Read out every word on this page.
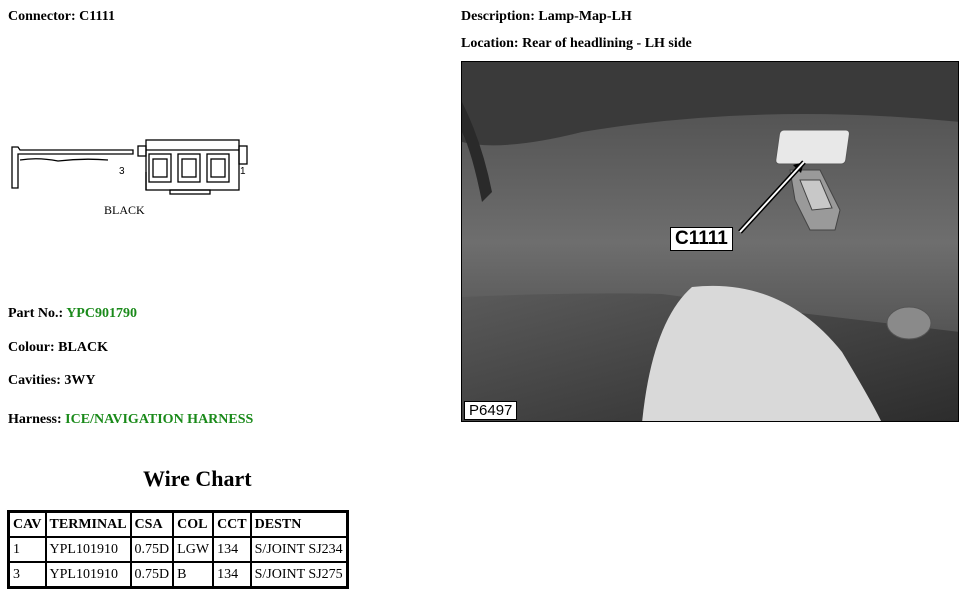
Connector: C1111	Description: Lamp-Map-LH
Location: Rear of headlining - LH side
3	1
BLACK
Part No.: YPC901790
Colour: BLACK
Cavities: 3WY
Harness: ICE/NAVIGATION HARNESS
Wire Chart
CAV	TERMINAL	CSA	COL	CCT	DESTN
1	YPL101910	0.75D	LGW	134	S/JOINT SJ234
3	YPL101910	0.75D	B	134	S/JOINT SJ275
C1111
P6497
